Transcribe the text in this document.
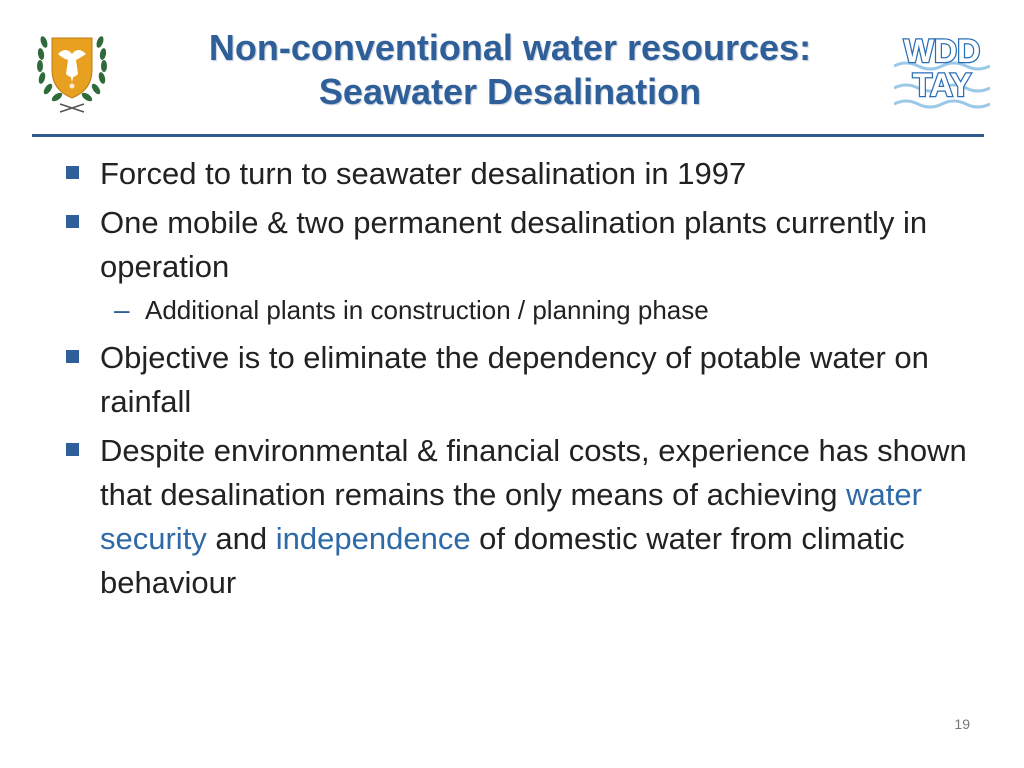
Non-conventional water resources:
Seawater Desalination
WDD
TAY
Forced to turn to seawater desalination in 1997
One mobile & two permanent desalination plants currently in operation
– Additional plants in construction / planning phase
Objective is to eliminate the dependency of potable water on rainfall
Despite environmental & financial costs, experience has shown that desalination remains the only means of achieving water security and independence of domestic water from climatic behaviour
19
